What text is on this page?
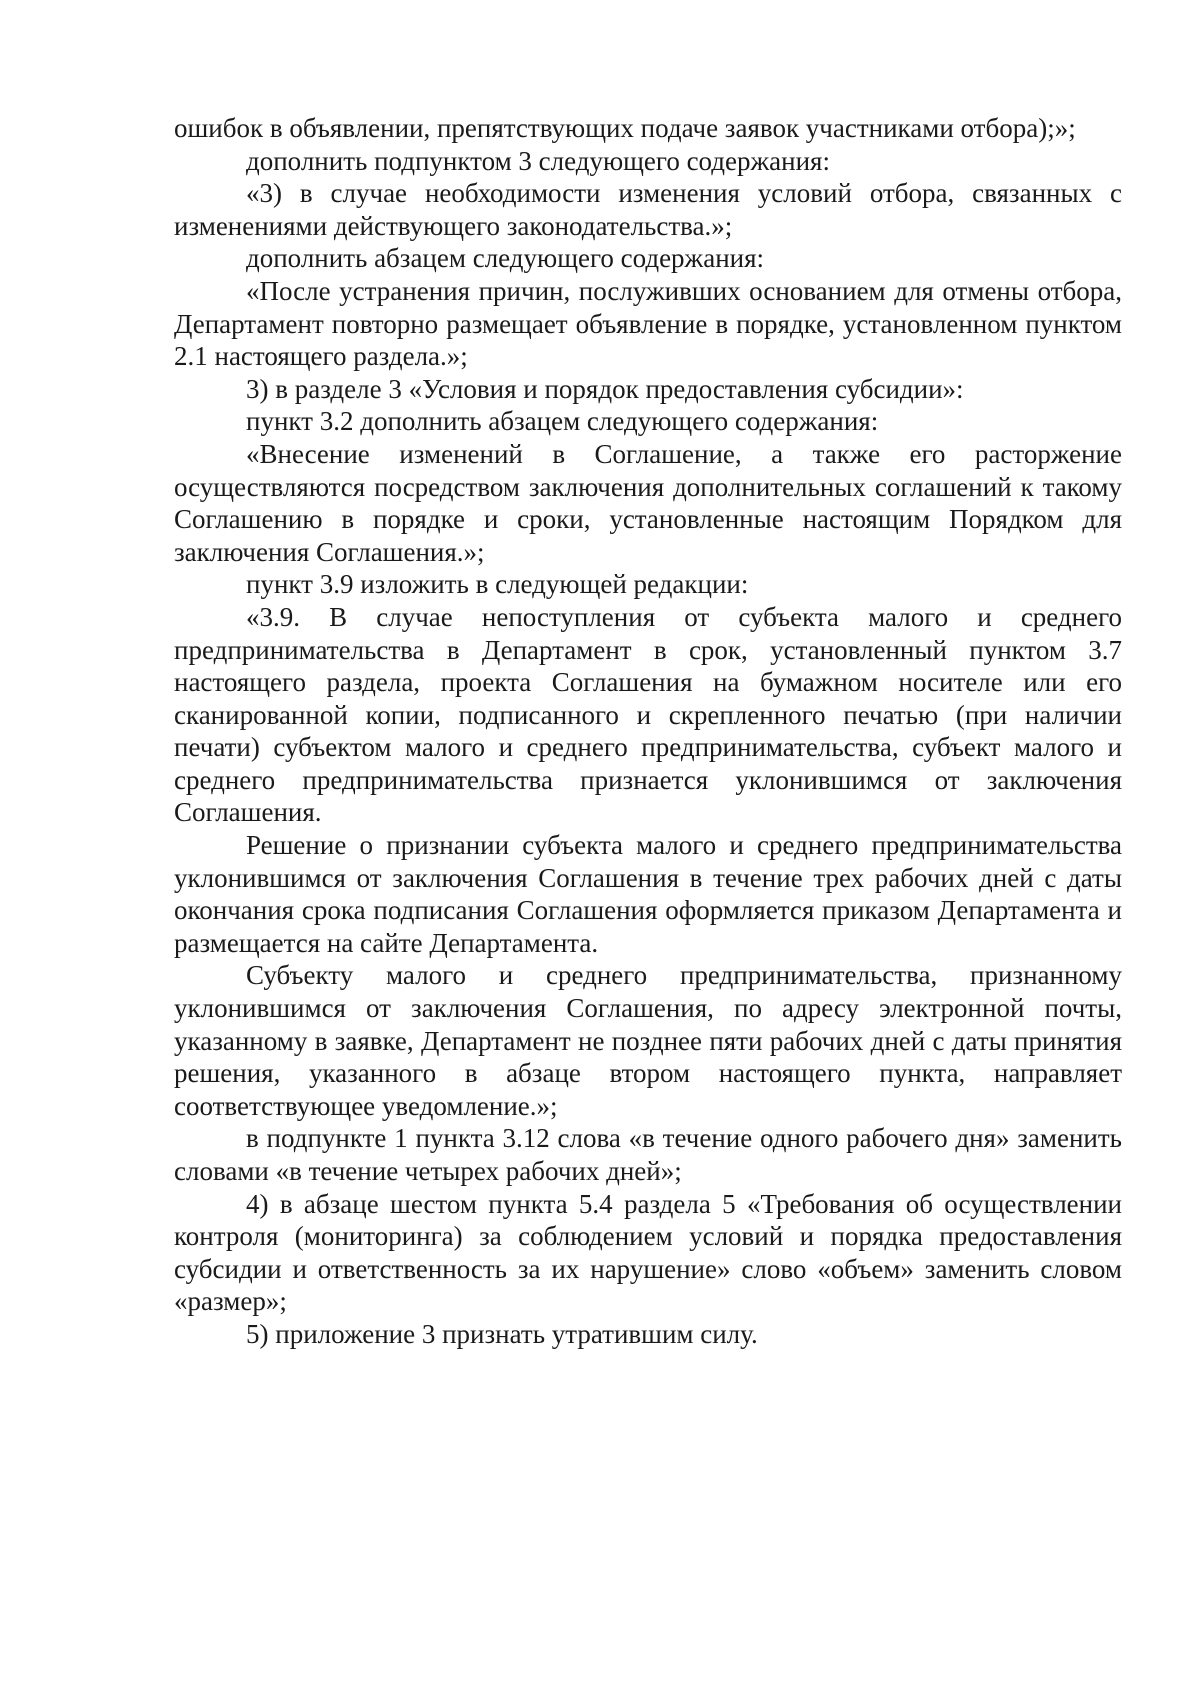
ошибок в объявлении, препятствующих подаче заявок участниками отбора);»;

дополнить подпунктом 3 следующего содержания:

«3) в случае необходимости изменения условий отбора, связанных с изменениями действующего законодательства.»;

дополнить абзацем следующего содержания:

«После устранения причин, послуживших основанием для отмены отбора, Департамент повторно размещает объявление в порядке, установленном пунктом 2.1 настоящего раздела.»;

3) в разделе 3 «Условия и порядок предоставления субсидии»:

пункт 3.2 дополнить абзацем следующего содержания:

«Внесение изменений в Соглашение, а также его расторжение осуществляются посредством заключения дополнительных соглашений к такому Соглашению в порядке и сроки, установленные настоящим Порядком для заключения Соглашения.»;

пункт 3.9 изложить в следующей редакции:

«3.9. В случае непоступления от субъекта малого и среднего предпринимательства в Департамент в срок, установленный пунктом 3.7 настоящего раздела, проекта Соглашения на бумажном носителе или его сканированной копии, подписанного и скрепленного печатью (при наличии печати) субъектом малого и среднего предпринимательства, субъект малого и среднего предпринимательства признается уклонившимся от заключения Соглашения.

Решение о признании субъекта малого и среднего предпринимательства уклонившимся от заключения Соглашения в течение трех рабочих дней с даты окончания срока подписания Соглашения оформляется приказом Департамента и размещается на сайте Департамента.

Субъекту малого и среднего предпринимательства, признанному уклонившимся от заключения Соглашения, по адресу электронной почты, указанному в заявке, Департамент не позднее пяти рабочих дней с даты принятия решения, указанного в абзаце втором настоящего пункта, направляет соответствующее уведомление.»;

в подпункте 1 пункта 3.12 слова «в течение одного рабочего дня» заменить словами «в течение четырех рабочих дней»;

4) в абзаце шестом пункта 5.4 раздела 5 «Требования об осуществлении контроля (мониторинга) за соблюдением условий и порядка предоставления субсидии и ответственность за их нарушение» слово «объем» заменить словом «размер»;

5) приложение 3 признать утратившим силу.
